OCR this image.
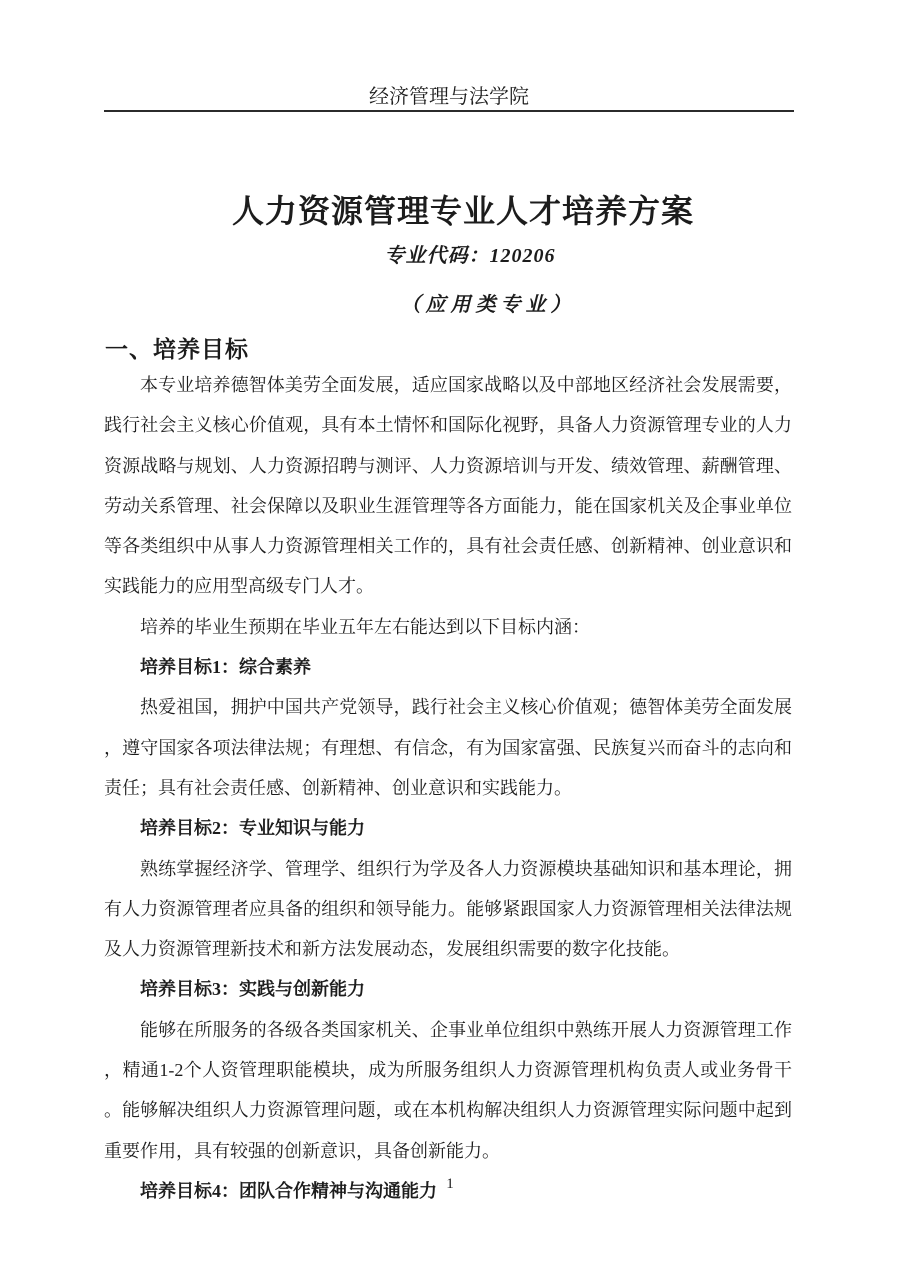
经济管理与法学院
人力资源管理专业人才培养方案
专业代码：120206
（应用类专业）
一、培养目标

本专业培养德智体美劳全面发展，适应国家战略以及中部地区经济社会发展需要，践行社会主义核心价值观，具有本土情怀和国际化视野，具备人力资源管理专业的人力资源战略与规划、人力资源招聘与测评、人力资源培训与开发、绩效管理、薪酬管理、劳动关系管理、社会保障以及职业生涯管理等各方面能力，能在国家机关及企事业单位等各类组织中从事人力资源管理相关工作的，具有社会责任感、创新精神、创业意识和实践能力的应用型高级专门人才。

培养的毕业生预期在毕业五年左右能达到以下目标内涵：

培养目标1：综合素养

热爱祖国，拥护中国共产党领导，践行社会主义核心价值观；德智体美劳全面发展，遵守国家各项法律法规；有理想、有信念，有为国家富强、民族复兴而奋斗的志向和责任；具有社会责任感、创新精神、创业意识和实践能力。

培养目标2：专业知识与能力

熟练掌握经济学、管理学、组织行为学及各人力资源模块基础知识和基本理论，拥有人力资源管理者应具备的组织和领导能力。能够紧跟国家人力资源管理相关法律法规及人力资源管理新技术和新方法发展动态，发展组织需要的数字化技能。

培养目标3：实践与创新能力

能够在所服务的各级各类国家机关、企事业单位组织中熟练开展人力资源管理工作，精通1-2个人资管理职能模块，成为所服务组织人力资源管理机构负责人或业务骨干。能够解决组织人力资源管理问题，或在本机构解决组织人力资源管理实际问题中起到重要作用，具有较强的创新意识，具备创新能力。

培养目标4：团队合作精神与沟通能力 1
